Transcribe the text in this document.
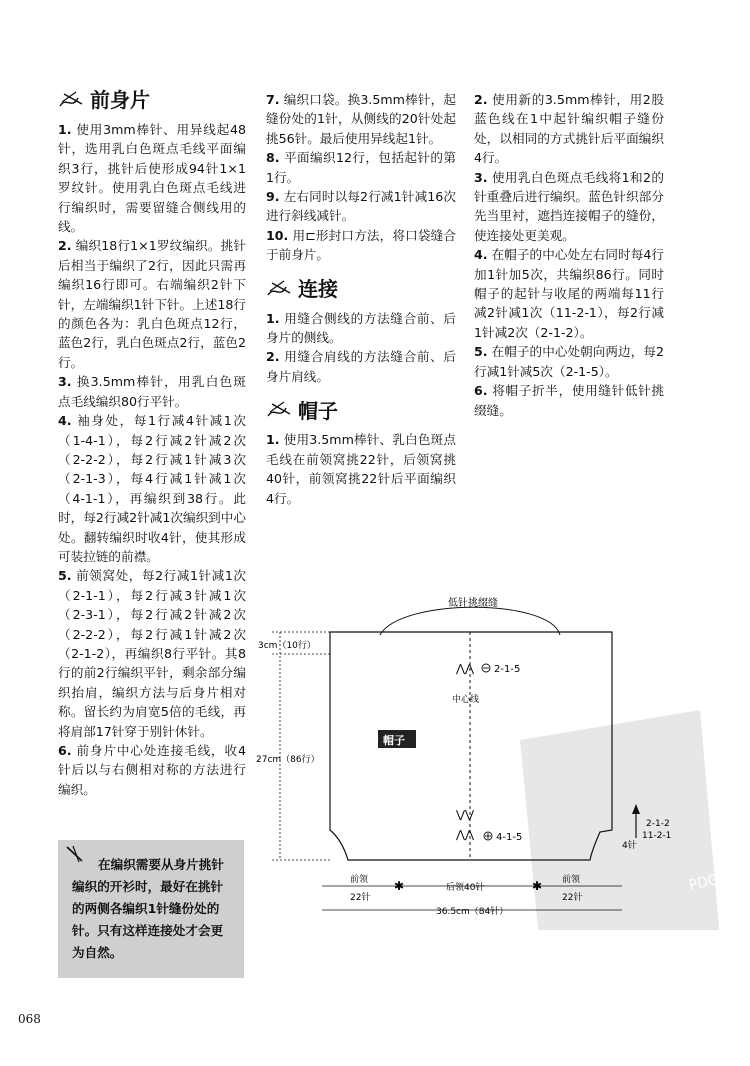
前身片

1. 使用3mm棒针、用异线起48针，选用乳白色斑点毛线平面编织3行，挑针后使形成94针1×1罗纹针。使用乳白色斑点毛线进行编织时，需要留缝合侧线用的线。

2. 编织18行1×1罗纹编织。挑针后相当于编织了2行，因此只需再编织16行即可。右端编织2针下针，左端编织1针下针。上述18行的颜色各为：乳白色斑点12行，蓝色2行，乳白色斑点2行，蓝色2行。

3. 换3.5mm棒针，用乳白色斑点毛线编织80行平针。

4. 袖身处，每1行减4针减1次（1-4-1），每2行减2针减2次（2-2-2），每2行减1针减3次（2-1-3），每4行减1针减1次（4-1-1），再编织到38行。此时，每2行减2针减1次编织到中心处。翻转编织时收4针，使其形成可装拉链的前襟。

5. 前领窝处，每2行减1针减1次（2-1-1），每2行减3针减1次（2-3-1），每2行减2针减2次（2-2-2），每2行减1针减2次（2-1-2），再编织8行平针。其8行的前2行编织平针，剩余部分编织抬肩，编织方法与后身片相对称。留长约为肩宽5倍的毛线，再将肩部17针穿于别针休针。

6. 前身片中心处连接毛线，收4针后以与右侧相对称的方法进行编织。

在编织需要从身片挑针编织的开衫时，最好在挑针的两侧各编织1针缝份处的针。只有这样连接处才会更为自然。

7. 编织口袋。换3.5mm棒针，起缝份处的1针，从侧线的20针处起挑56针。最后使用异线起1针。

8. 平面编织12行，包括起针的第1行。

9. 左右同时以每2行减1针减16次进行斜线减针。

10. 用⊏形封口方法，将口袋缝合于前身片。

连接

1. 用缝合侧线的方法缝合前、后身片的侧线。

2. 用缝合肩线的方法缝合前、后身片肩线。

帽子

1. 使用3.5mm棒针、乳白色斑点毛线在前领窝挑22针，后领窝挑40针，前领窝挑22针后平面编织4行。

2. 使用新的3.5mm棒针，用2股蓝色线在1中起针编织帽子缝份处，以相同的方式挑针后平面编织4行。

3. 使用乳白色斑点毛线将1和2的针重叠后进行编织。蓝色针织部分先当里衬，遮挡连接帽子的缝份，使连接处更美观。

4. 在帽子的中心处左右同时每4行加1针加5次，共编织86行。同时帽子的起针与收尾的两端每11行减2针减1次（11-2-1），每2行减1针减2次（2-1-2）。

5. 在帽子的中心处朝向两边，每2行减1针减5次（2-1-5）。

6. 将帽子折半，使用缝针低针挑缀缝。

PDG
低针挑缀缝
中心线
帽子
⋀⋀ 2-1-5
⋁⋁
⋀⋀ 4-1-5
3cm（10行）
27cm（86行）
2-1-2
11-2-1
4针
✱	✱
前领
22针
后领40针
前领
22针
36.5cm（84针）
068
